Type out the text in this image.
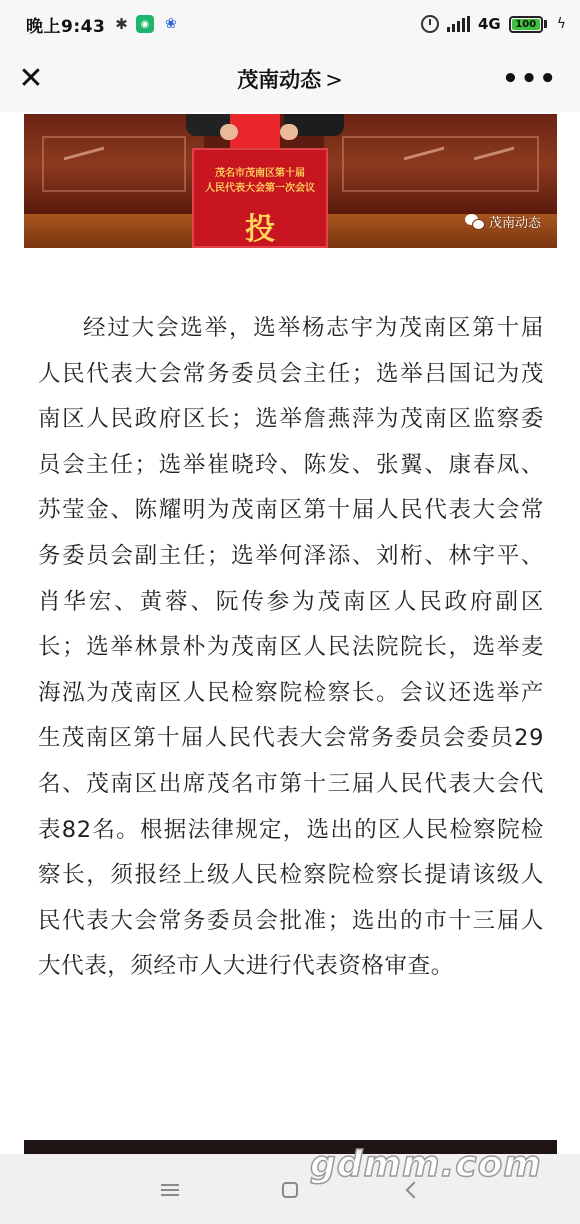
晚上9:43 ✱	◉	❀	4G	100 ϟ
茂南动态 >
✕	•••
茂名市茂南区第十届
人民代表大会第一次会议
投	茂南动态

经过大会选举，选举杨志宇为茂南区第十届人民代表大会常务委员会主任；选举吕国记为茂南区人民政府区长；选举詹燕萍为茂南区监察委员会主任；选举崔晓玲、陈发、张翼、康春凤、苏莹金、陈耀明为茂南区第十届人民代表大会常务委员会副主任；选举何泽添、刘桁、林宇平、肖华宏、黄蓉、阮传参为茂南区人民政府副区长；选举林景朴为茂南区人民法院院长，选举麦海泓为茂南区人民检察院检察长。会议还选举产生茂南区第十届人民代表大会常务委员会委员29名、茂南区出席茂名市第十三届人民代表大会代表82名。根据法律规定，选出的区人民检察院检察长，须报经上级人民检察院检察长提请该级人民代表大会常务委员会批准；选出的市十三届人大代表，须经市人大进行代表资格审查。

gdmm.com
